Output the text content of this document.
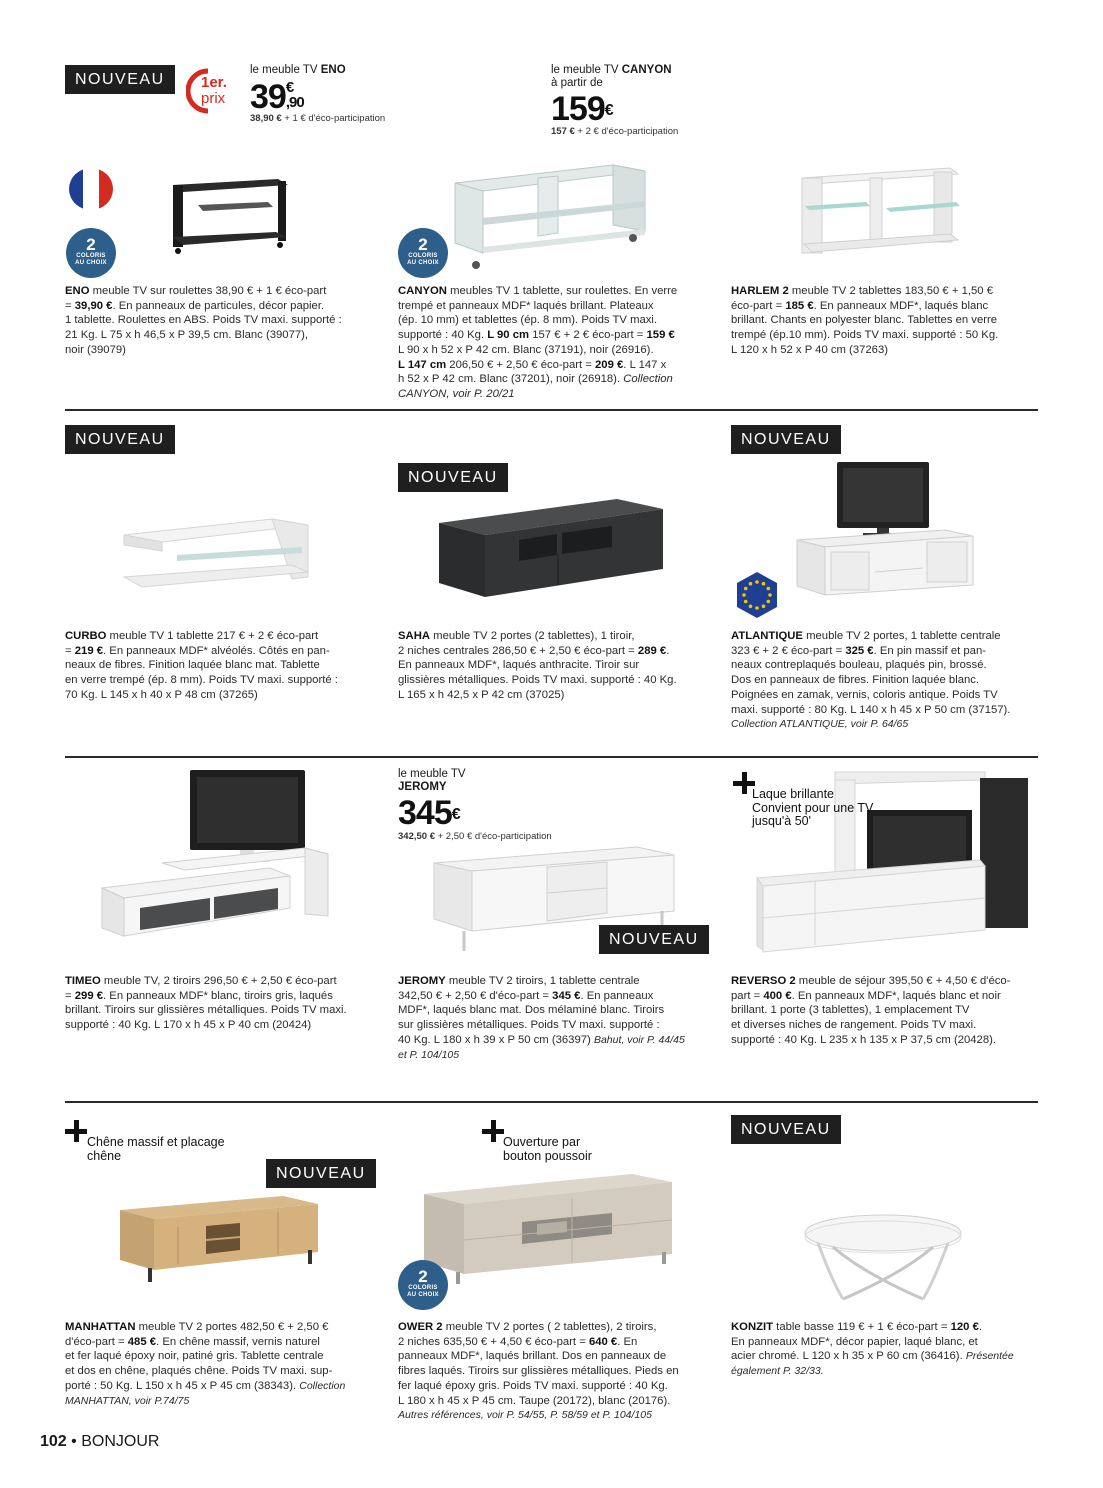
NOUVEAU	1er.
prix
le meuble TV ENO
39 €
,90
38,90 € + 1 € d'éco-participation
le meuble TV CANYON
à partir de
159€
157 € + 2 € d'éco-participation
2
COLORIS
AU CHOIX
2
COLORIS
AU CHOIX
ENO meuble TV sur roulettes 38,90 € + 1 € éco-part
= 39,90 €. En panneaux de particules, décor papier.
1 tablette. Roulettes en ABS. Poids TV maxi. supporté :
21 Kg. L 75 x h 46,5 x P 39,5 cm. Blanc (39077),
noir (39079)
CANYON meubles TV 1 tablette, sur roulettes. En verre
trempé et panneaux MDF* laqués brillant. Plateaux
(ép. 10 mm) et tablettes (ép. 8 mm). Poids TV maxi.
supporté : 40 Kg. L 90 cm 157 € + 2 € éco-part = 159 €
L 90 x h 52 x P 42 cm. Blanc (37191), noir (26916).
L 147 cm 206,50 € + 2,50 € éco-part = 209 €. L 147 x
h 52 x P 42 cm. Blanc (37201), noir (26918). Collection
CANYON, voir P. 20/21
HARLEM 2 meuble TV 2 tablettes 183,50 € + 1,50 €
éco-part = 185 €. En panneaux MDF*, laqués blanc
brillant. Chants en polyester blanc. Tablettes en verre
trempé (ép.10 mm). Poids TV maxi. supporté : 50 Kg.
L 120 x h 52 x P 40 cm (37263)
NOUVEAU
NOUVEAU
NOUVEAU
CURBO meuble TV 1 tablette 217 € + 2 € éco-part
= 219 €. En panneaux MDF* alvéolés. Côtés en pan-
neaux de fibres. Finition laquée blanc mat. Tablette
en verre trempé (ép. 8 mm). Poids TV maxi. supporté :
70 Kg. L 145 x h 40 x P 48 cm (37265)
SAHA meuble TV 2 portes (2 tablettes), 1 tiroir,
2 niches centrales 286,50 € + 2,50 € éco-part = 289 €.
En panneaux MDF*, laqués anthracite. Tiroir sur
glissières métalliques. Poids TV maxi. supporté : 40 Kg.
L 165 x h 42,5 x P 42 cm (37025)
ATLANTIQUE meuble TV 2 portes, 1 tablette centrale
323 € + 2 € éco-part = 325 €. En pin massif et pan-
neaux contreplaqués bouleau, plaqués pin, brossé.
Dos en panneaux de fibres. Finition laquée blanc.
Poignées en zamak, vernis, coloris antique. Poids TV
maxi. supporté : 80 Kg. L 140 x h 45 x P 50 cm (37157).
Collection ATLANTIQUE, voir P. 64/65
le meuble TV
JEROMY
345€
342,50 € + 2,50 € d'éco-participation
NOUVEAU
Laque brillante
Convient pour une TV
jusqu'à 50'
TIMEO meuble TV, 2 tiroirs 296,50 € + 2,50 € éco-part
= 299 €. En panneaux MDF* blanc, tiroirs gris, laqués
brillant. Tiroirs sur glissières métalliques. Poids TV maxi.
supporté : 40 Kg. L 170 x h 45 x P 40 cm (20424)
JEROMY meuble TV 2 tiroirs, 1 tablette centrale
342,50 € + 2,50 € d'éco-part = 345 €. En panneaux
MDF*, laqués blanc mat. Dos mélaminé blanc. Tiroirs
sur glissières métalliques. Poids TV maxi. supporté :
40 Kg. L 180 x h 39 x P 50 cm (36397) Bahut, voir P. 44/45
et P. 104/105
REVERSO 2 meuble de séjour 395,50 € + 4,50 € d'éco-
part = 400 €. En panneaux MDF*, laqués blanc et noir
brillant. 1 porte (3 tablettes), 1 emplacement TV
et diverses niches de rangement. Poids TV maxi.
supporté : 40 Kg. L 235 x h 135 x P 37,5 cm (20428).
Chêne massif et placage
chêne
NOUVEAU
Ouverture par
bouton poussoir
2
COLORIS
AU CHOIX
NOUVEAU
MANHATTAN meuble TV 2 portes 482,50 € + 2,50 €
d'éco-part = 485 €. En chêne massif, vernis naturel
et fer laqué époxy noir, patiné gris. Tablette centrale
et dos en chêne, plaqués chêne. Poids TV maxi. sup-
porté : 50 Kg. L 150 x h 45 x P 45 cm (38343). Collection
MANHATTAN, voir P.74/75
OWER 2 meuble TV 2 portes ( 2 tablettes), 2 tiroirs,
2 niches 635,50 € + 4,50 € éco-part = 640 €. En
panneaux MDF*, laqués brillant. Dos en panneaux de
fibres laqués. Tiroirs sur glissières métalliques. Pieds en
fer laqué époxy gris. Poids TV maxi. supporté : 40 Kg.
L 180 x h 45 x P 45 cm. Taupe (20172), blanc (20176).
Autres références, voir P. 54/55, P. 58/59 et P. 104/105
KONZIT table basse 119 € + 1 € éco-part = 120 €.
En panneaux MDF*, décor papier, laqué blanc, et
acier chromé. L 120 x h 35 x P 60 cm (36416). Présentée
également P. 32/33.
102 • BONJOUR
